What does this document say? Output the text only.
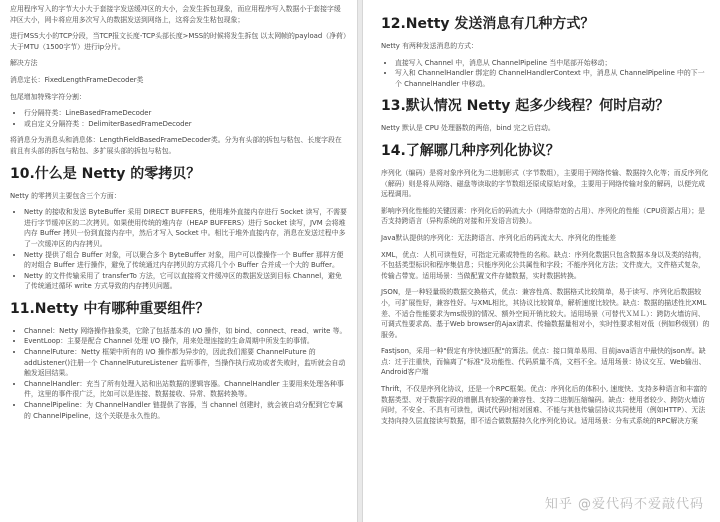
应用程序写入的字节大小大于套接字发送缓冲区的大小，会发生拆包现象，而应用程序写入数据小于套接字缓冲区大小，网卡将应用多次写入的数据发送到网络上，这将会发生粘包现象；

进行MSS大小的TCP分段，当TCP报文长度-TCP头部长度>MSS的时候将发生拆包 以太网帧的payload（净荷）大于MTU（1500字节）进行ip分片。

解决方法

消息定长：FixedLengthFrameDecoder类

包尾增加特殊字符分割：

• 行分隔符类：LineBasedFrameDecoder
• 或自定义分隔符类 ：DelimiterBasedFrameDecoder

将消息分为消息头和消息体：LengthFieldBasedFrameDecoder类。分为有头部的拆包与粘包、长度字段在前且有头部的拆包与粘包、多扩展头部的拆包与粘包。

10.什么是 Netty 的零拷贝？

Netty 的零拷贝主要包含三个方面：

• Netty 的接收和发送 ByteBuffer 采用 DIRECT BUFFERS，使用堆外直接内存进行 Socket 读写，不需要进行字节缓冲区的二次拷贝。如果使用传统的堆内存（HEAP BUFFERS）进行 Socket 读写，JVM 会将堆内存 Buffer 拷贝一份到直接内存中，然后才写入 Socket 中。相比于堆外直接内存，消息在发送过程中多了一次缓冲区的内存拷贝。
• Netty 提供了组合 Buffer 对象，可以聚合多个 ByteBuffer 对象，用户可以像操作一个 Buffer 那样方便的对组合 Buffer 进行操作，避免了传统通过内存拷贝的方式将几个小 Buffer 合并成一个大的 Buffer。
• Netty 的文件传输采用了 transferTo 方法，它可以直接将文件缓冲区的数据发送到目标 Channel，避免了传统通过循环 write 方式导致的内存拷贝问题。
11.Netty 中有哪种重要组件？
• Channel：Netty 网络操作抽象类，它除了包括基本的 I/O 操作，如 bind、connect、read、write 等。
• EventLoop：主要是配合 Channel 处理 I/O 操作，用来处理连接的生命周期中所发生的事情。
• ChannelFuture：Netty 框架中所有的 I/O 操作都为异步的，因此我们需要 ChannelFuture 的 addListener()注册一个 ChannelFutureListener 监听事件，当操作执行成功或者失败时，监听就会自动触发返回结果。
• ChannelHandler：充当了所有处理入站和出站数据的逻辑容器。ChannelHandler 主要用来处理各种事件，这里的事件很广泛，比如可以是连接、数据接收、异常、数据转换等。
• ChannelPipeline：为 ChannelHandler 链提供了容器，当 channel 创建时，就会被自动分配到它专属的 ChannelPipeline，这个关联是永久性的。
12.Netty 发送消息有几种方式？

Netty 有两种发送消息的方式：

• 直接写入 Channel 中，消息从 ChannelPipeline 当中尾部开始移动；
• 写入和 ChannelHandler 绑定的 ChannelHandlerContext 中，消息从 ChannelPipeline 中的下一个 ChannelHandler 中移动。
13.默认情况 Netty 起多少线程？何时启动？

Netty 默认是 CPU 处理器数的两倍，bind 完之后启动。

14.了解哪几种序列化协议？

序列化（编码）是将对象序列化为二进制形式（字节数组），主要用于网络传输、数据持久化等；而反序列化（解码）则是将从网络、磁盘等读取的字节数组还原成原始对象，主要用于网络传输对象的解码，以便完成远程调用。

影响序列化性能的关键因素：序列化后的码流大小（网络带宽的占用）、序列化的性能（CPU资源占用）；是否支持跨语言（异构系统的对接和开发语言切换）。

Java默认提供的序列化：无法跨语言、序列化后的码流太大、序列化的性能差

XML，优点：人机可读性好，可指定元素或特性的名称。缺点：序列化数据只包含数据本身以及类的结构，不包括类型标识和程序集信息；只能序列化公共属性和字段；不能序列化方法；文件庞大，文件格式复杂，传输占带宽。适用场景：当做配置文件存储数据，实时数据转换。

JSON，是一种轻量级的数据交换格式，优点：兼容性高、数据格式比较简单，易于读写、序列化后数据较小，可扩展性好，兼容性好。与XML相比，其协议比较简单，解析速度比较快。缺点：数据的描述性比XML差、不适合性能要求为ms级别的情况、额外空间开销比较大。适用场景（可替代ＸＭＬ）：跨防火墙访问、可调式性要求高、基于Web browser的Ajax请求、传输数据量相对小，实时性要求相对低（例如秒级别）的服务。

Fastjson，采用一种"假定有序快速匹配"的算法。优点：接口简单易用、目前java语言中最快的json库。缺点：过于注重快，而偏离了"标准"及功能性、代码质量不高，文档不全。适用场景：协议交互、Web输出、Android客户端

Thrift，不仅是序列化协议，还是一个RPC框架。优点：序列化后的体积小, 速度快、支持多种语言和丰富的数据类型、对于数据字段的增删具有较强的兼容性、支持二进制压缩编码。缺点：使用者较少、跨防火墙访问时，不安全、不具有可读性，调试代码时相对困难、不能与其他传输层协议共同使用（例如HTTP）、无法支持向持久层直接读写数据，即不适合做数据持久化序列化协议。适用场景：分布式系统的RPC解决方案

知乎 @爱代码不爱敲代码
